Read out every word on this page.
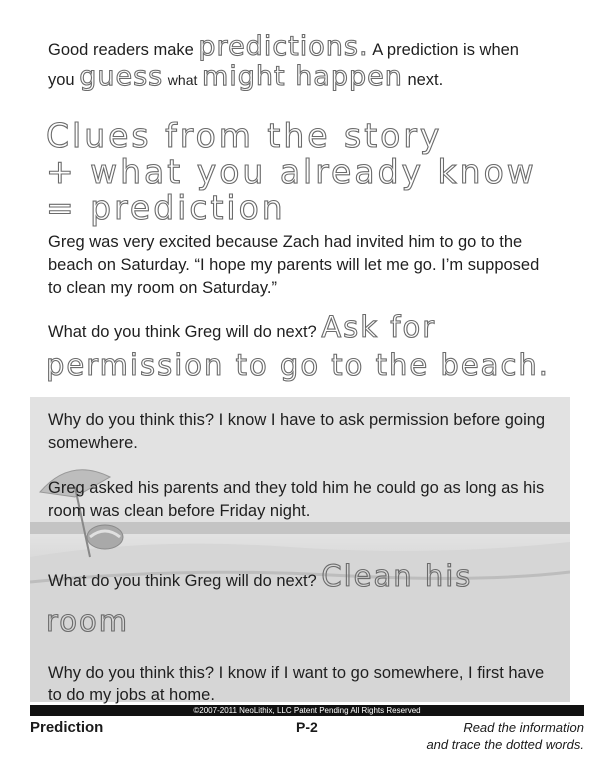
Good readers make predictions. A prediction is when
you guess what might happen next.
Clues from the story
+ what you already know
= prediction
Greg was very excited because Zach had invited him to go to the
beach on Saturday. “I hope my parents will let me go. I’m supposed
to clean my room on Saturday.”
What do you think Greg will do next? Ask for
permission to go to the beach.
Why do you think this? I know I have to ask permission before going
somewhere.
Greg asked his parents and they told him he could go as long as his
room was clean before Friday night.
What do you think Greg will do next? Clean his
room
Why do you think this? I know if I want to go somewhere, I first have
to do my jobs at home.
©2007-2011 NeoLithix, LLC Patent Pending All Rights Reserved
Prediction	P-2	Read the information
and trace the dotted words.
